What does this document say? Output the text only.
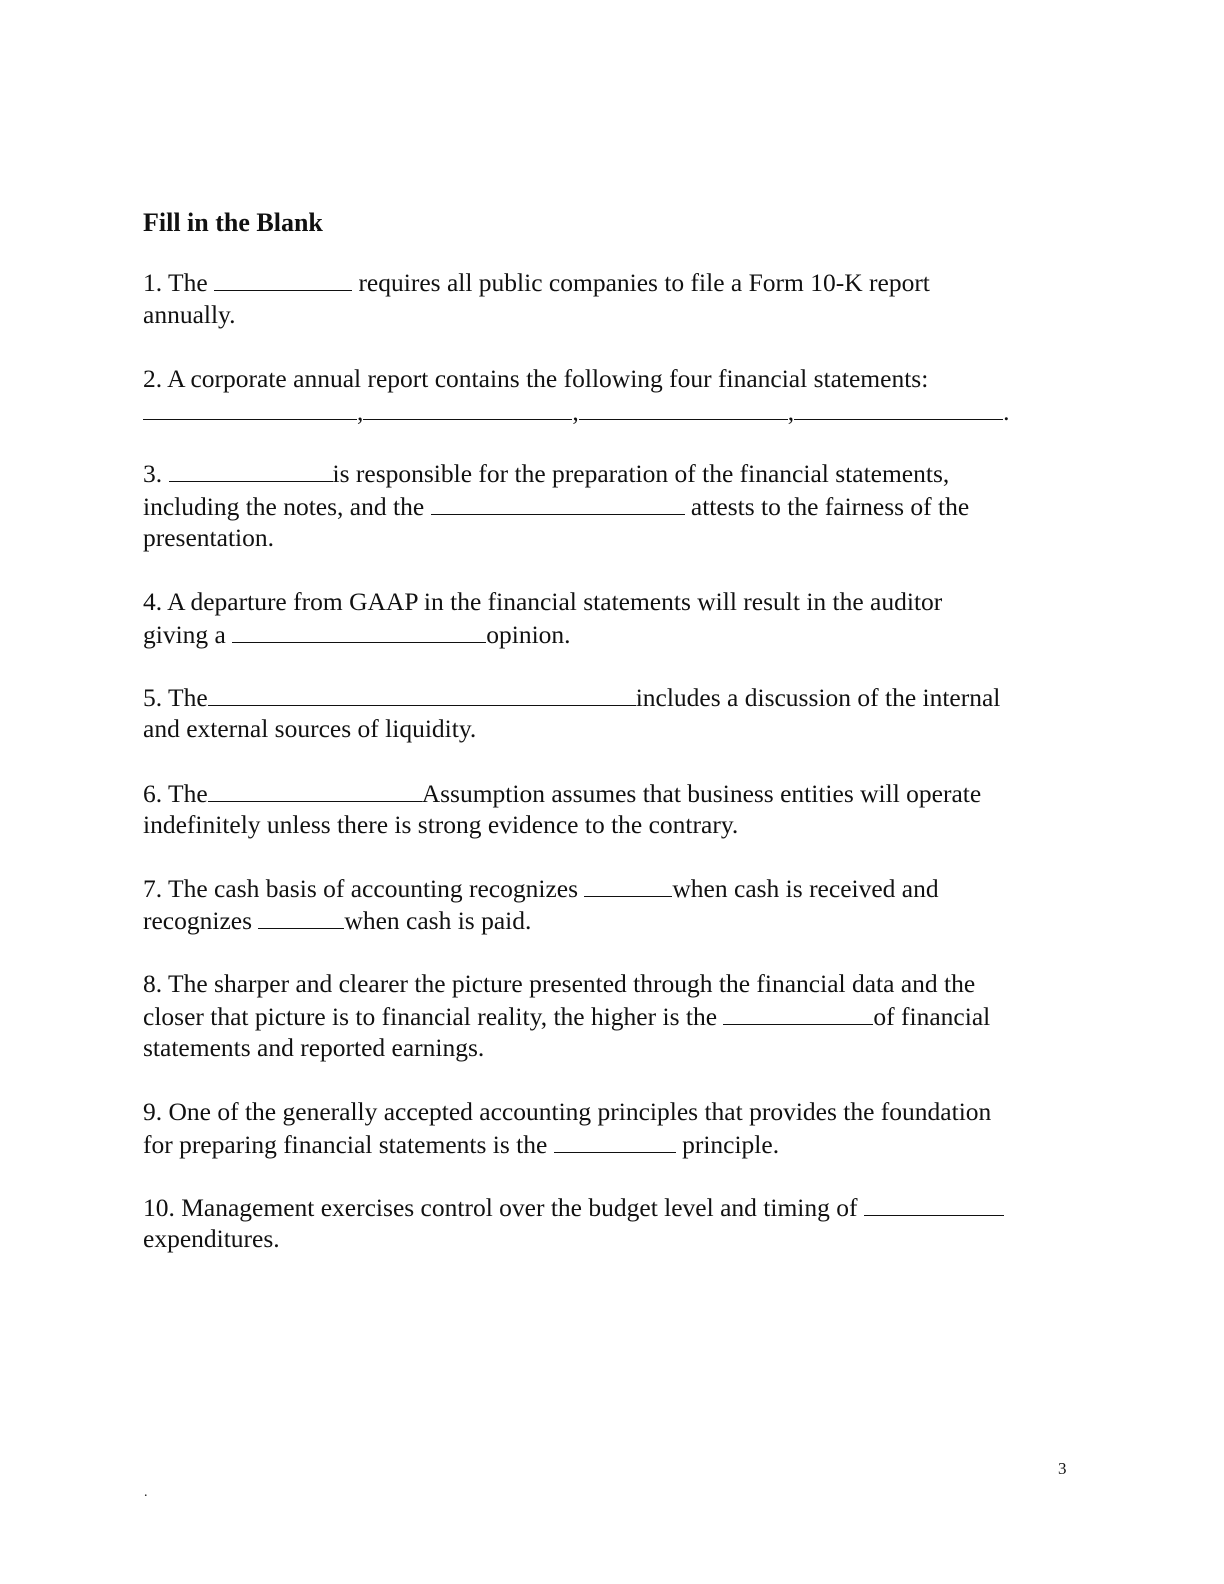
Fill in the Blank
1. The	requires all public companies to file a Form 10-K report
annually.
2. A corporate annual report contains the following four financial statements:
,	,	,	.
3.	is responsible for the preparation of the financial statements,
including the notes, and the	attests to the fairness of the
presentation.
4. A departure from GAAP in the financial statements will result in the auditor
giving a	opinion.
5. The	includes a discussion of the internal
and external sources of liquidity.
6. The	Assumption assumes that business entities will operate
indefinitely unless there is strong evidence to the contrary.
7. The cash basis of accounting recognizes	when cash is received and
recognizes	when cash is paid.
8. The sharper and clearer the picture presented through the financial data and the
closer that picture is to financial reality, the higher is the	of financial
statements and reported earnings.
9. One of the generally accepted accounting principles that provides the foundation
for preparing financial statements is the	principle.
10. Management exercises control over the budget level and timing of
expenditures.
3
.
